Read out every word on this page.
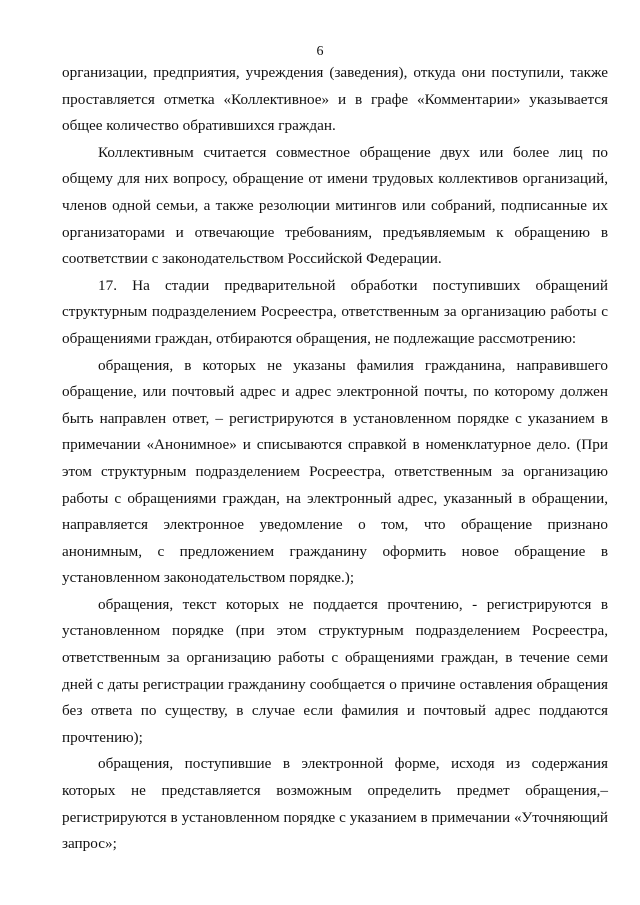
6

организации, предприятия, учреждения (заведения), откуда они поступили, также проставляется отметка «Коллективное» и в графе «Комментарии» указывается общее количество обратившихся граждан.

Коллективным считается совместное обращение двух или более лиц по общему для них вопросу, обращение от имени трудовых коллективов организаций, членов одной семьи, а также резолюции митингов или собраний, подписанные их организаторами и отвечающие требованиям, предъявляемым к обращению в соответствии с законодательством Российской Федерации.

17. На стадии предварительной обработки поступивших обращений структурным подразделением Росреестра, ответственным за организацию работы с обращениями граждан, отбираются обращения, не подлежащие рассмотрению:

обращения, в которых не указаны фамилия гражданина, направившего обращение, или почтовый адрес и адрес электронной почты, по которому должен быть направлен ответ, – регистрируются в установленном порядке с указанием в примечании «Анонимное» и списываются справкой в номенклатурное дело. (При этом структурным подразделением Росреестра, ответственным за организацию работы с обращениями граждан, на электронный адрес, указанный в обращении, направляется электронное уведомление о том, что обращение признано анонимным, с предложением гражданину оформить новое обращение в установленном законодательством порядке.);

обращения, текст которых не поддается прочтению, - регистрируются в установленном порядке (при этом структурным подразделением Росреестра, ответственным за организацию работы с обращениями граждан, в течение семи дней с даты регистрации гражданину сообщается о причине оставления обращения без ответа по существу, в случае если фамилия и почтовый адрес поддаются прочтению);

обращения, поступившие в электронной форме, исходя из содержания которых не представляется возможным определить предмет обращения,– регистрируются в установленном порядке с указанием в примечании «Уточняющий запрос»;
